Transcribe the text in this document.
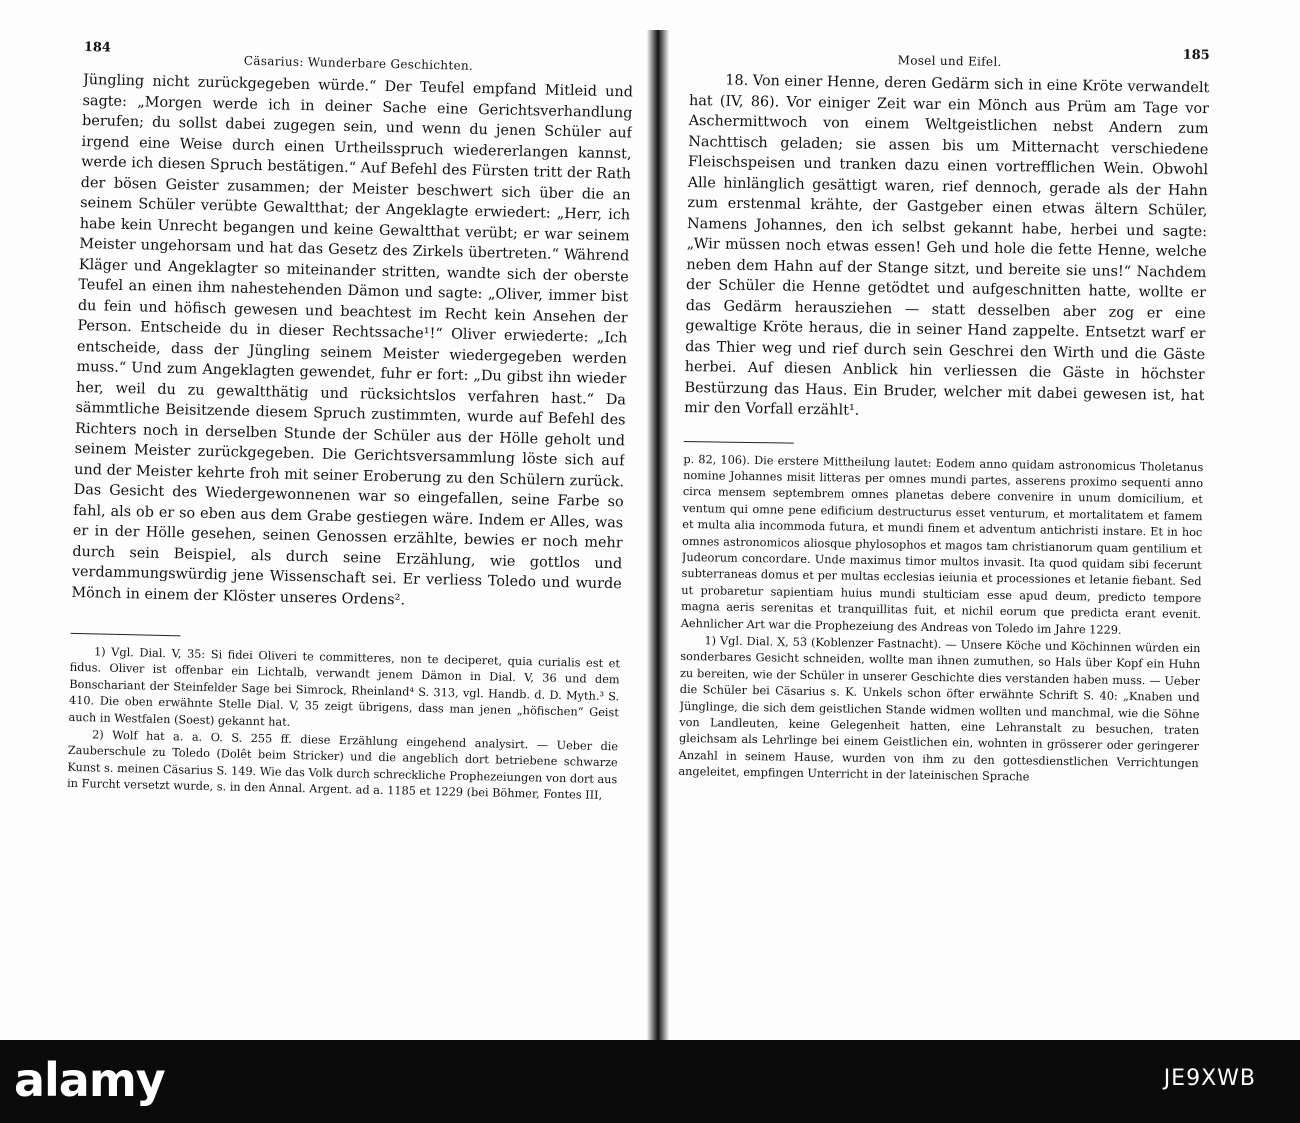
184
Cäsarius: Wunderbare Geschichten.

Jüngling nicht zurückgegeben würde.“ Der Teufel empfand Mitleid und sagte: „Morgen werde ich in deiner Sache eine Gerichtsverhandlung berufen; du sollst dabei zugegen sein, und wenn du jenen Schüler auf irgend eine Weise durch einen Urtheilsspruch wiedererlangen kannst, werde ich diesen Spruch bestätigen.“ Auf Befehl des Fürsten tritt der Rath der bösen Geister zusammen; der Meister beschwert sich über die an seinem Schüler verübte Gewaltthat; der Angeklagte erwiedert: „Herr, ich habe kein Unrecht begangen und keine Gewaltthat verübt; er war seinem Meister ungehorsam und hat das Gesetz des Zirkels übertreten.“ Während Kläger und Angeklagter so miteinander stritten, wandte sich der oberste Teufel an einen ihm nahestehenden Dämon und sagte: „Oliver, immer bist du fein und höfisch gewesen und beachtest im Recht kein Ansehen der Person. Entscheide du in dieser Rechtssache¹!“ Oliver erwiederte: „Ich entscheide, dass der Jüngling seinem Meister wiedergegeben werden muss.“ Und zum Angeklagten gewendet, fuhr er fort: „Du gibst ihn wieder her, weil du zu gewaltthätig und rücksichtslos verfahren hast.“ Da sämmtliche Beisitzende diesem Spruch zustimmten, wurde auf Befehl des Richters noch in derselben Stunde der Schüler aus der Hölle geholt und seinem Meister zurückgegeben. Die Gerichtsversammlung löste sich auf und der Meister kehrte froh mit seiner Eroberung zu den Schülern zurück. Das Gesicht des Wiedergewonnenen war so eingefallen, seine Farbe so fahl, als ob er so eben aus dem Grabe gestiegen wäre. Indem er Alles, was er in der Hölle gesehen, seinen Genossen erzählte, bewies er noch mehr durch sein Beispiel, als durch seine Erzählung, wie gottlos und verdammungswürdig jene Wissenschaft sei. Er verliess Toledo und wurde Mönch in einem der Klöster unseres Ordens².

1) Vgl. Dial. V, 35: Si fidei Oliveri te committeres, non te deciperet, quia curialis est et fidus. Oliver ist offenbar ein Lichtalb, verwandt jenem Dämon in Dial. V, 36 und dem Bonschariant der Steinfelder Sage bei Simrock, Rheinland⁴ S. 313, vgl. Handb. d. D. Myth.³ S. 410. Die oben erwähnte Stelle Dial. V, 35 zeigt übrigens, dass man jenen „höfischen“ Geist auch in Westfalen (Soest) gekannt hat.

2) Wolf hat a. a. O. S. 255 ff. diese Erzählung eingehend analysirt. — Ueber die Zauberschule zu Toledo (Dolêt beim Stricker) und die angeblich dort betriebene schwarze Kunst s. meinen Cäsarius S. 149. Wie das Volk durch schreckliche Prophezeiungen von dort aus in Furcht versetzt wurde, s. in den Annal. Argent. ad a. 1185 et 1229 (bei Böhmer, Fontes III,

Mosel und Eifel.	185

18. Von einer Henne, deren Gedärm sich in eine Kröte verwandelt hat (IV, 86). Vor einiger Zeit war ein Mönch aus Prüm am Tage vor Aschermittwoch von einem Weltgeistlichen nebst Andern zum Nachttisch geladen; sie assen bis um Mitternacht verschiedene Fleischspeisen und tranken dazu einen vortrefflichen Wein. Obwohl Alle hinlänglich gesättigt waren, rief dennoch, gerade als der Hahn zum erstenmal krähte, der Gastgeber einen etwas ältern Schüler, Namens Johannes, den ich selbst gekannt habe, herbei und sagte: „Wir müssen noch etwas essen! Geh und hole die fette Henne, welche neben dem Hahn auf der Stange sitzt, und bereite sie uns!“ Nachdem der Schüler die Henne getödtet und aufgeschnitten hatte, wollte er das Gedärm herausziehen — statt desselben aber zog er eine gewaltige Kröte heraus, die in seiner Hand zappelte. Entsetzt warf er das Thier weg und rief durch sein Geschrei den Wirth und die Gäste herbei. Auf diesen Anblick hin verliessen die Gäste in höchster Bestürzung das Haus. Ein Bruder, welcher mit dabei gewesen ist, hat mir den Vorfall erzählt¹.

p. 82, 106). Die erstere Mittheilung lautet: Eodem anno quidam astronomicus Tholetanus nomine Johannes misit litteras per omnes mundi partes, asserens proximo sequenti anno circa mensem septembrem omnes planetas debere convenire in unum domicilium, et ventum qui omne pene edificium destructurus esset venturum, et mortalitatem et famem et multa alia incommoda futura, et mundi finem et adventum antichristi instare. Et in hoc omnes astronomicos aliosque phylosophos et magos tam christianorum quam gentilium et Judeorum concordare. Unde maximus timor multos invasit. Ita quod quidam sibi fecerunt subterraneas domus et per multas ecclesias ieiunia et processiones et letanie fiebant. Sed ut probaretur sapientiam huius mundi stulticiam esse apud deum, predicto tempore magna aeris serenitas et tranquillitas fuit, et nichil eorum que predicta erant evenit. Aehnlicher Art war die Prophezeiung des Andreas von Toledo im Jahre 1229.

1) Vgl. Dial. X, 53 (Koblenzer Fastnacht). — Unsere Köche und Köchinnen würden ein sonderbares Gesicht schneiden, wollte man ihnen zumuthen, so Hals über Kopf ein Huhn zu bereiten, wie der Schüler in unserer Geschichte dies verstanden haben muss. — Ueber die Schüler bei Cäsarius s. K. Unkels schon öfter erwähnte Schrift S. 40: „Knaben und Jünglinge, die sich dem geistlichen Stande widmen wollten und manchmal, wie die Söhne von Landleuten, keine Gelegenheit hatten, eine Lehranstalt zu besuchen, traten gleichsam als Lehrlinge bei einem Geistlichen ein, wohnten in grösserer oder geringerer Anzahl in seinem Hause, wurden von ihm zu den gottesdienstlichen Verrichtungen angeleitet, empfingen Unterricht in der lateinischen Sprache

alamy	JE9XWB
